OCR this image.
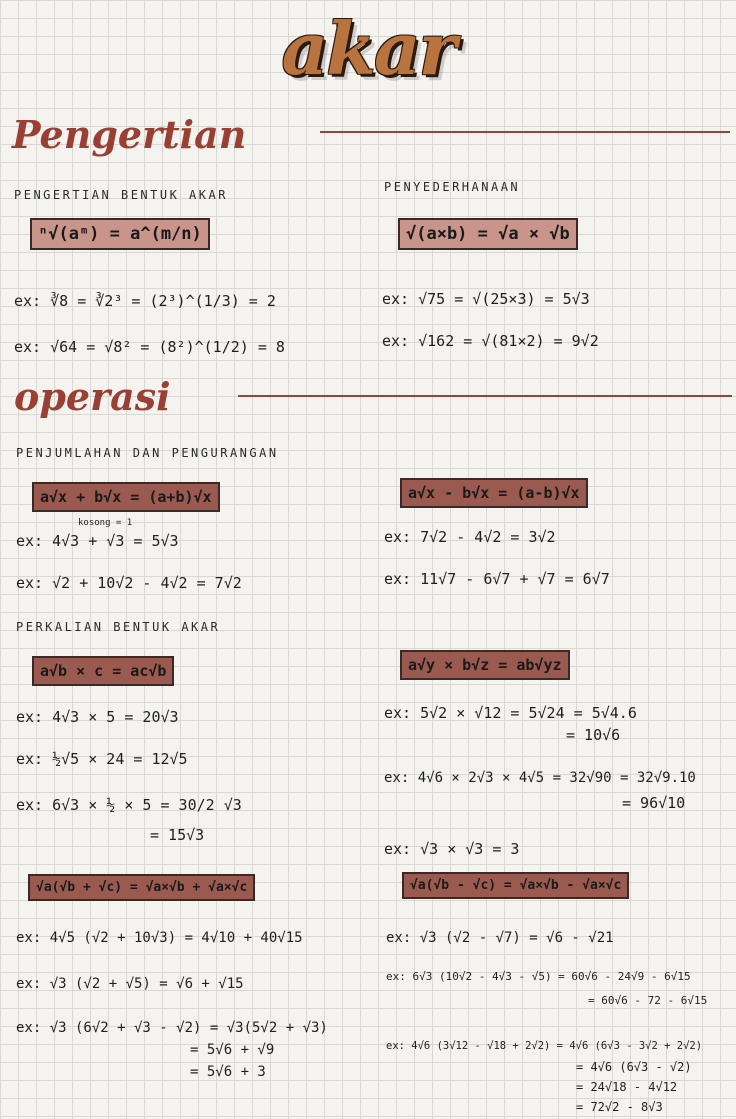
akar
Pengertian
PENGERTIAN BENTUK AKAR
ⁿ√(aᵐ) = a^(m/n)
ex: ∛8 = ∛2³ = (2³)^(1/3) = 2
ex: √64 = √8² = (8²)^(1/2) = 8
PENYEDERHANAAN
√(a×b) = √a × √b
ex: √75 = √(25×3) = 5√3
ex: √162 = √(81×2) = 9√2
operasi
PENJUMLAHAN DAN PENGURANGAN
a√x + b√x = (a+b)√x	a√x - b√x = (a-b)√x
kosong = 1
ex: 4√3 + √3 = 5√3
ex: √2 + 10√2 - 4√2 = 7√2
ex: 7√2 - 4√2 = 3√2
ex: 11√7 - 6√7 + √7 = 6√7
PERKALIAN BENTUK AKAR
a√b × c = ac√b	a√y × b√z = ab√yz
ex: 4√3 × 5 = 20√3
ex: ½√5 × 24 = 12√5
ex: 6√3 × ½ × 5 = 30/2 √3
= 15√3
ex: 5√2 × √12 = 5√24 = 5√4.6
= 10√6
ex: 4√6 × 2√3 × 4√5 = 32√90 = 32√9.10
= 96√10
ex: √3 × √3 = 3
√a(√b + √c) = √a×√b + √a×√c	√a(√b - √c) = √a×√b - √a×√c
ex: 4√5 (√2 + 10√3) = 4√10 + 40√15
ex: √3 (√2 + √5) = √6 + √15
ex: √3 (6√2 + √3 - √2) = √3(5√2 + √3)
= 5√6 + √9
= 5√6 + 3
ex: √3 (√2 - √7) = √6 - √21
ex: 6√3 (10√2 - 4√3 - √5) = 60√6 - 24√9 - 6√15
= 60√6 - 72 - 6√15
ex: 4√6 (3√12 - √18 + 2√2) = 4√6 (6√3 - 3√2 + 2√2)
= 4√6 (6√3 - √2)
= 24√18 - 4√12
= 72√2 - 8√3
